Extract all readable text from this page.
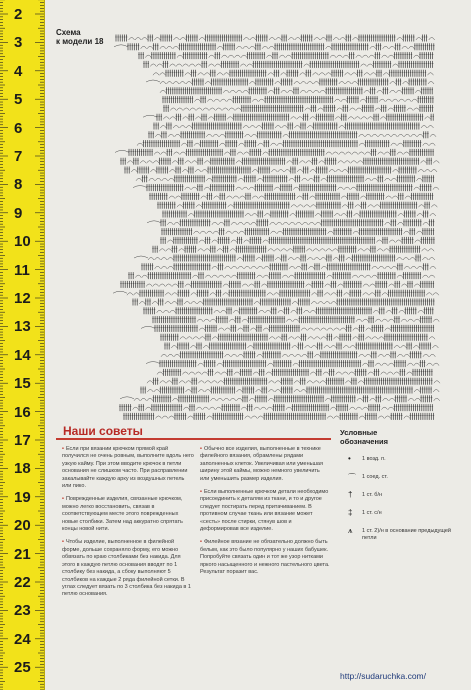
2
3
4
5
6
7
8
9
10
11
12
13
14
15
16
17
18
19
20
21
22
23
24
25
Схема
к модели 18
Наши советы

• Если при вязании крючком прямой край получился не очень ровным, выполните вдоль него узкую кайму. При этом вводите крючок в петли основания не слишком часто. При расправлении закалывайте каждую арку из воздушных петель или пико.

• Поврежденные изделия, связанные крючком, можно легко восстановить, связав в соответствующем месте этого поврежденных новые столбики. Затем над аккуратно спрятать концы новой нити.

• Чтобы изделие, выполненное в филейной форме, дольше сохраняло форму, его можно обвязать по краю столбиками без накида. Для этого в каждую петлю основания вводят по 1 столбику без накида, а сбоку выполняют 5 столбиков на каждые 2 ряда филейной сетки. В углах следует вязать по 3 столбика без накида в 1 петлю основания.

• Обычно все изделия, выполненные в технике филейного вязания, обрамлены рядами заполненных клеток. Увеличивая или уменьшая ширину этой каймы, можно немного увеличить или уменьшить размер изделия.

• Если выполненные крючком детали необходимо присоединить к деталям из ткани, и то и другое следует постирать перед притачиванием. В противном случае ткань или вязание может «сесть» после стирки, стянув шов и деформировав все изделие.

• Филейное вязание не обязательно должно быть белым, как это было популярно у наших бабушек. Попробуйте связать один и тот же узор нитками яркого насыщенного и нежного пастельного цвета. Результат поразит вас.

Условные
обозначения
• 1 возд. п.
⌒ 1 соед. ст.
† 1 ст. б/н
‡ 1 ст. с/н
⩚ 1 ст. 2)/н в основание предыдущей петли
http://sudaruchka.com/
